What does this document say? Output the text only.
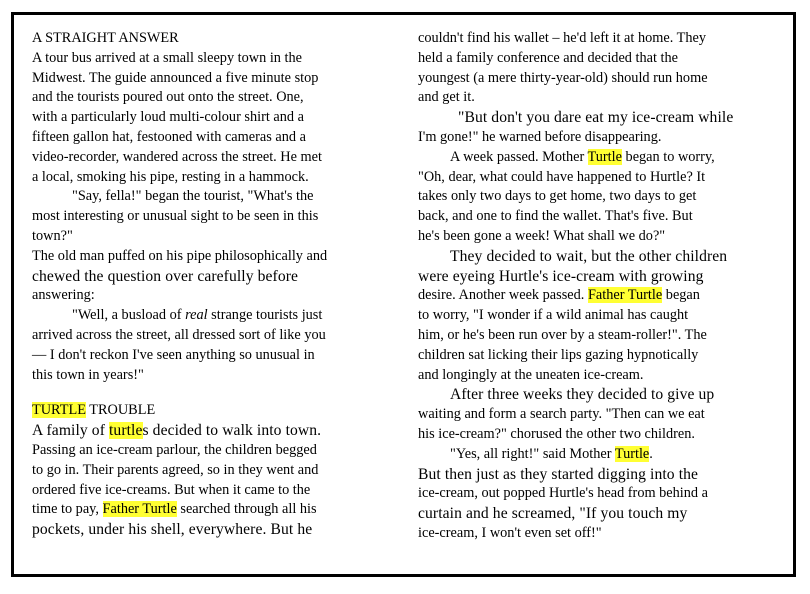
A STRAIGHT ANSWER
A tour bus arrived at a small sleepy town in the
Midwest. The guide announced a five minute stop
and the tourists poured out onto the street. One,
with a particularly loud multi-colour shirt and a
fifteen gallon hat, festooned with cameras and a
video-recorder, wandered across the street. He met
a local, smoking his pipe, resting in a hammock.
"Say, fella!" began the tourist, "What's the
most interesting or unusual sight to be seen in this
town?"
The old man puffed on his pipe philosophically and
chewed the question over carefully before
answering:
"Well, a busload of real strange tourists just
arrived across the street, all dressed sort of like you
— I don't reckon I've seen anything so unusual in
this town in years!"
TURTLE TROUBLE
A family of turtles decided to walk into town.
Passing an ice-cream parlour, the children begged
to go in. Their parents agreed, so in they went and
ordered five ice-creams. But when it came to the
time to pay, Father Turtle searched through all his
pockets, under his shell, everywhere. But he
couldn't find his wallet – he'd left it at home. They
held a family conference and decided that the
youngest (a mere thirty-year-old) should run home
and get it.
"But don't you dare eat my ice-cream while
I'm gone!" he warned before disappearing.
A week passed. Mother Turtle began to worry,
"Oh, dear, what could have happened to Hurtle? It
takes only two days to get home, two days to get
back, and one to find the wallet. That's five. But
he's been gone a week! What shall we do?"
They decided to wait, but the other children
were eyeing Hurtle's ice-cream with growing
desire. Another week passed. Father Turtle began
to worry, "I wonder if a wild animal has caught
him, or he's been run over by a steam-roller!". The
children sat licking their lips gazing hypnotically
and longingly at the uneaten ice-cream.
After three weeks they decided to give up
waiting and form a search party. "Then can we eat
his ice-cream?" chorused the other two children.
"Yes, all right!" said Mother Turtle.
But then just as they started digging into the
ice-cream, out popped Hurtle's head from behind a
curtain and he screamed, "If you touch my
ice-cream, I won't even set off!"
